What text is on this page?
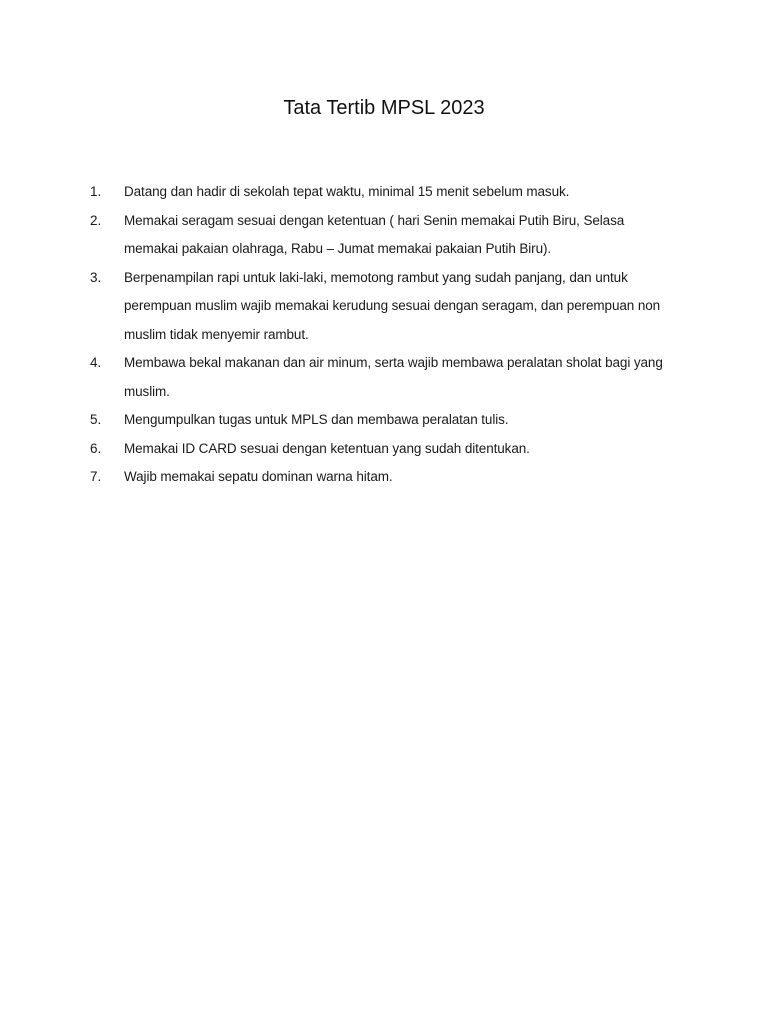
Tata Tertib MPSL 2023
1.	Datang dan hadir di sekolah tepat waktu, minimal 15 menit sebelum masuk.
2.	Memakai seragam sesuai dengan ketentuan ( hari Senin memakai Putih Biru, Selasa memakai pakaian olahraga, Rabu – Jumat memakai pakaian Putih Biru).
3.	Berpenampilan rapi untuk laki-laki, memotong rambut yang sudah panjang, dan untuk perempuan muslim wajib memakai kerudung sesuai dengan seragam, dan perempuan non muslim tidak menyemir rambut.
4.	Membawa bekal makanan dan air minum, serta wajib membawa peralatan sholat bagi yang muslim.
5.	Mengumpulkan tugas untuk MPLS dan membawa peralatan tulis.
6.	Memakai ID CARD sesuai dengan ketentuan yang sudah ditentukan.
7.	Wajib memakai sepatu dominan warna hitam.
